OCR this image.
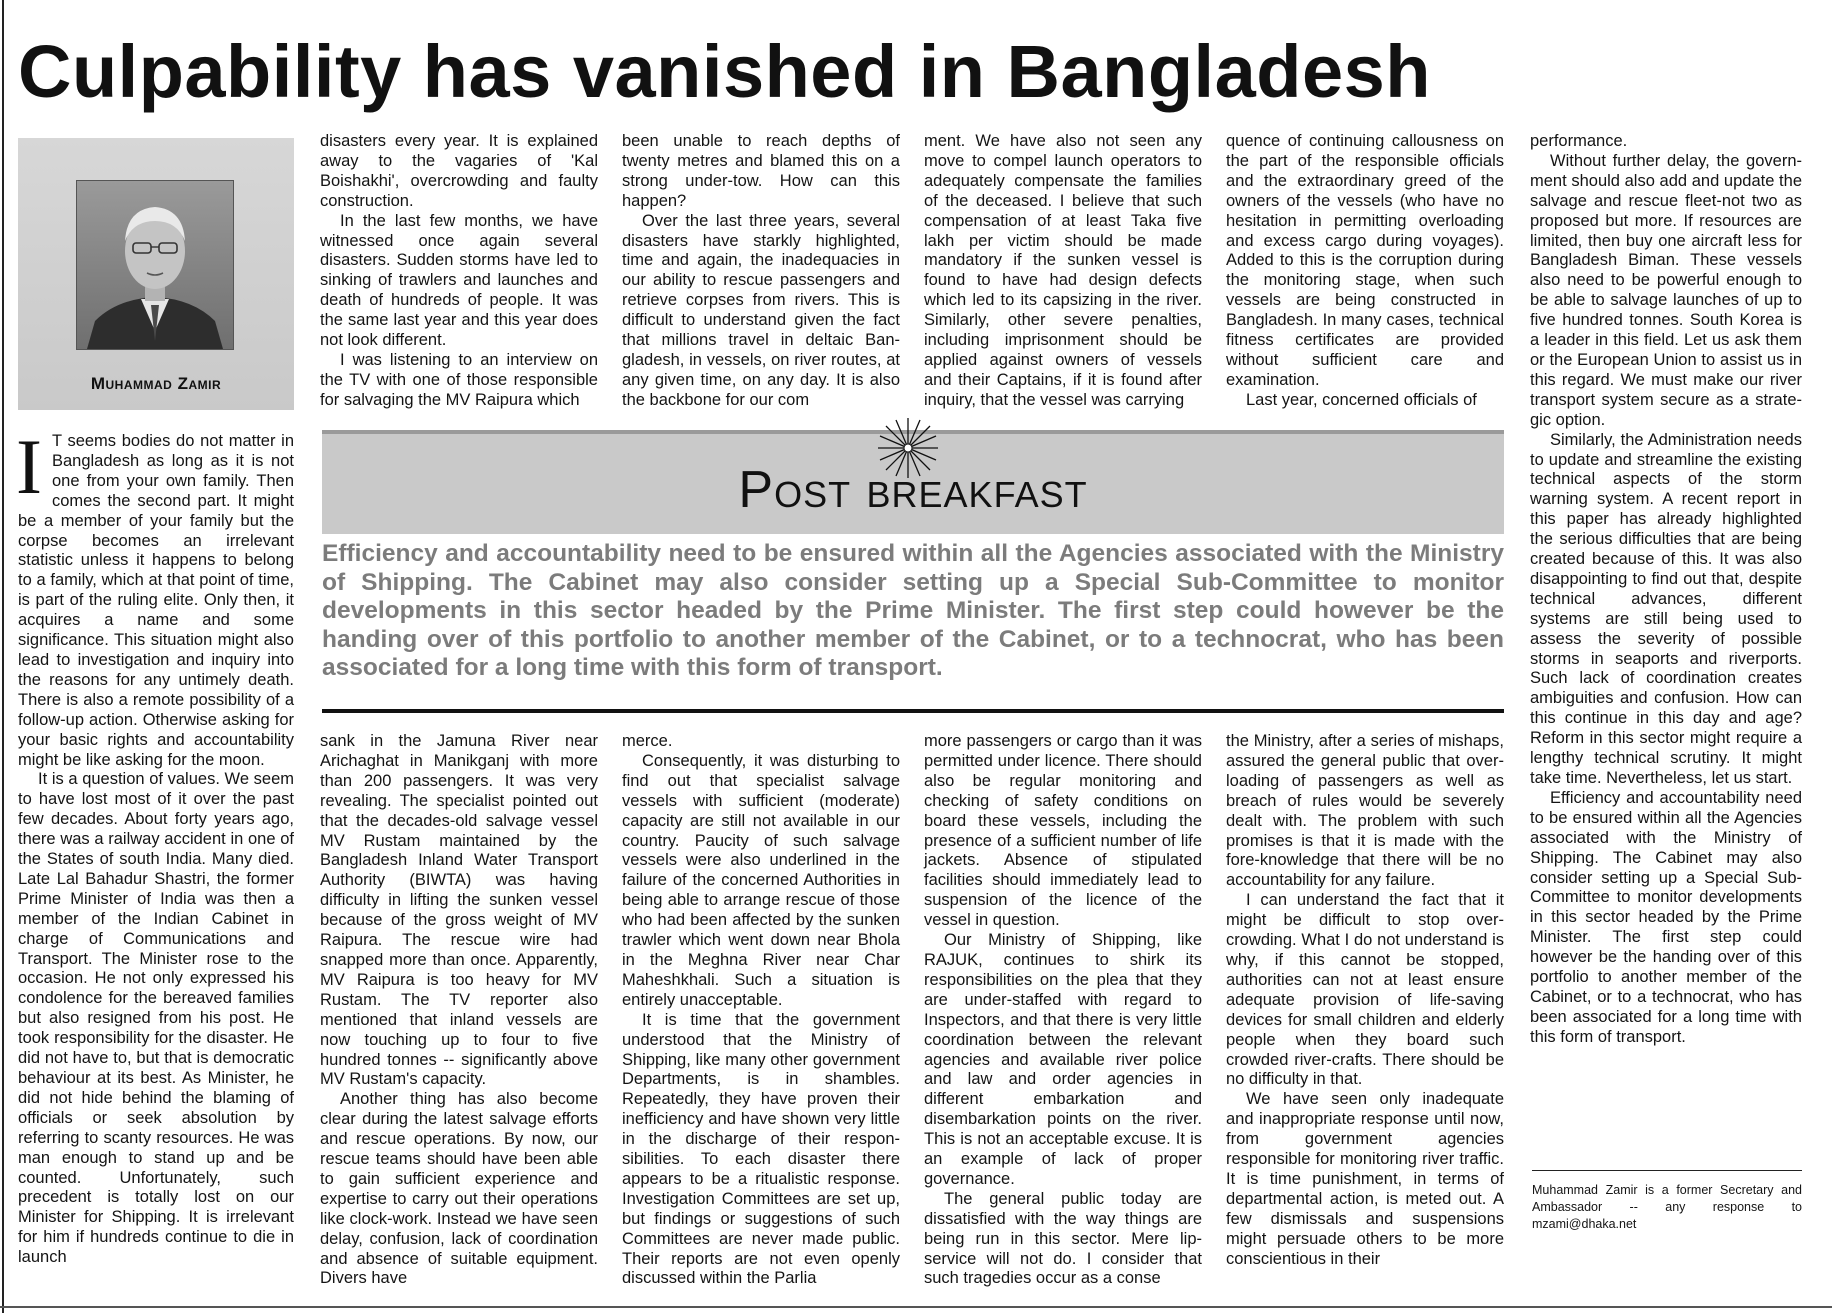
Culpability has vanished in Bangladesh
Muhammad Zamir

I T seems bodies do not matter in Bangladesh as long as it is not one from your own family. Then comes the second part. It might be a member of your family but the corpse becomes an irrelevant statistic unless it happens to belong to a family, which at that point of time, is part of the ruling elite. Only then, it acquires a name and some significance. This situation might also lead to investigation and inquiry into the reasons for any untimely death. There is also a remote possibility of a follow-up action. Otherwise asking for your basic rights and accountability might be like asking for the moon.

It is a question of values. We seem to have lost most of it over the past few decades. About forty years ago, there was a railway accident in one of the States of south India. Many died. Late Lal Bahadur Shastri, the former Prime Minister of India was then a member of the Indian Cabinet in charge of Communications and Transport. The Minister rose to the occasion. He not only expressed his condolence for the bereaved families but also resigned from his post. He took responsibility for the disaster. He did not have to, but that is democratic behaviour at its best. As Minister, he did not hide behind the blaming of officials or seek absolution by referring to scanty resources. He was man enough to stand up and be counted. Unfortunately, such precedent is totally lost on our Minister for Shipping. It is irrelevant for him if hundreds continue to die in launch

disasters every year. It is explained away to the vagaries of 'Kal Boishakhi', overcrowding and faulty construction.

In the last few months, we have witnessed once again several disasters. Sudden storms have led to sinking of trawlers and launches and death of hundreds of people. It was the same last year and this year does not look different.

I was listening to an interview on the TV with one of those responsible for salvaging the MV Raipura which

been unable to reach depths of twenty metres and blamed this on a strong under-tow. How can this happen?

Over the last three years, several disasters have starkly highlighted, time and again, the inadequacies in our ability to rescue passengers and retrieve corpses from rivers. This is difficult to understand given the fact that millions travel in deltaic Bangladesh, in vessels, on river routes, at any given time, on any day. It is also the backbone for our com

ment. We have also not seen any move to compel launch operators to adequately compensate the families of the deceased. I believe that such compensation of at least Taka five lakh per victim should be made mandatory if the sunken vessel is found to have had design defects which led to its capsizing in the river. Similarly, other severe penalties, including imprisonment should be applied against owners of vessels and their Captains, if it is found after inquiry, that the vessel was carrying

quence of continuing callousness on the part of the responsible officials and the extraordinary greed of the owners of the vessels (who have no hesitation in permitting overloading and excess cargo during voyages). Added to this is the corruption during the monitoring stage, when such vessels are being constructed in Bangladesh. In many cases, technical fitness certificates are provided without sufficient care and examination.

Last year, concerned officials of

Post breakfast
Efficiency and accountability need to be ensured within all the Agencies associated with the Ministry of Shipping. The Cabinet may also consider setting up a Special Sub-Committee to monitor developments in this sector headed by the Prime Minister. The first step could however be the handing over of this portfolio to another member of the Cabinet, or to a technocrat, who has been associated for a long time with this form of transport.

sank in the Jamuna River near Arichaghat in Manikganj with more than 200 passengers. It was very revealing. The specialist pointed out that the decades-old salvage vessel MV Rustam maintained by the Bangladesh Inland Water Transport Authority (BIWTA) was having difficulty in lifting the sunken vessel because of the gross weight of MV Raipura. The rescue wire had snapped more than once. Apparently, MV Raipura is too heavy for MV Rustam. The TV reporter also mentioned that inland vessels are now touching up to four to five hundred tonnes -- significantly above MV Rustam's capacity.

Another thing has also become clear during the latest salvage efforts and rescue operations. By now, our rescue teams should have been able to gain sufficient experience and expertise to carry out their operations like clock-work. Instead we have seen delay, confusion, lack of coordination and absence of suitable equipment. Divers have

merce.

Consequently, it was disturbing to find out that specialist salvage vessels with sufficient (moderate) capacity are still not available in our country. Paucity of such salvage vessels were also underlined in the failure of the concerned Authorities in being able to arrange rescue of those who had been affected by the sunken trawler which went down near Bhola in the Meghna River near Char Maheshkhali. Such a situation is entirely unacceptable.

It is time that the government understood that the Ministry of Shipping, like many other government Departments, is in shambles. Repeatedly, they have proven their inefficiency and have shown very little in the discharge of their responsibilities. To each disaster there appears to be a ritualistic response. Investigation Committees are set up, but findings or suggestions of such Committees are never made public. Their reports are not even openly discussed within the Parlia

more passengers or cargo than it was permitted under licence. There should also be regular monitoring and checking of safety conditions on board these vessels, including the presence of a sufficient number of life jackets. Absence of stipulated facilities should immediately lead to suspension of the licence of the vessel in question.

Our Ministry of Shipping, like RAJUK, continues to shirk its responsibilities on the plea that they are under-staffed with regard to Inspectors, and that there is very little coordination between the relevant agencies and available river police and law and order agencies in different embarkation and disembarkation points on the river. This is not an acceptable excuse. It is an example of lack of proper governance.

The general public today are dissatisfied with the way things are being run in this sector. Mere lip-service will not do. I consider that such tragedies occur as a conse

the Ministry, after a series of mishaps, assured the general public that over-loading of passengers as well as breach of rules would be severely dealt with. The problem with such promises is that it is made with the fore-knowledge that there will be no accountability for any failure.

I can understand the fact that it might be difficult to stop overcrowding. What I do not understand is why, if this cannot be stopped, authorities can not at least ensure adequate provision of life-saving devices for small children and elderly people when they board such crowded river-crafts. There should be no difficulty in that.

We have seen only inadequate and inappropriate response until now, from government agencies responsible for monitoring river traffic. It is time punishment, in terms of departmental action, is meted out. A few dismissals and suspensions might persuade others to be more conscientious in their

performance.

Without further delay, the government should also add and update the salvage and rescue fleet-not two as proposed but more. If resources are limited, then buy one aircraft less for Bangladesh Biman. These vessels also need to be powerful enough to be able to salvage launches of up to five hundred tonnes. South Korea is a leader in this field. Let us ask them or the European Union to assist us in this regard. We must make our river transport system secure as a strategic option.

Similarly, the Administration needs to update and streamline the existing technical aspects of the storm warning system. A recent report in this paper has already highlighted the serious difficulties that are being created because of this. It was also disappointing to find out that, despite technical advances, different systems are still being used to assess the severity of possible storms in seaports and riverports. Such lack of coordination creates ambiguities and confusion. How can this continue in this day and age? Reform in this sector might require a lengthy technical scrutiny. It might take time. Nevertheless, let us start.

Efficiency and accountability need to be ensured within all the Agencies associated with the Ministry of Shipping. The Cabinet may also consider setting up a Special Sub-Committee to monitor developments in this sector headed by the Prime Minister. The first step could however be the handing over of this portfolio to another member of the Cabinet, or to a technocrat, who has been associated for a long time with this form of transport.

Muhammad Zamir is a former Secretary and Ambassador -- any response to mzami@dhaka.net
